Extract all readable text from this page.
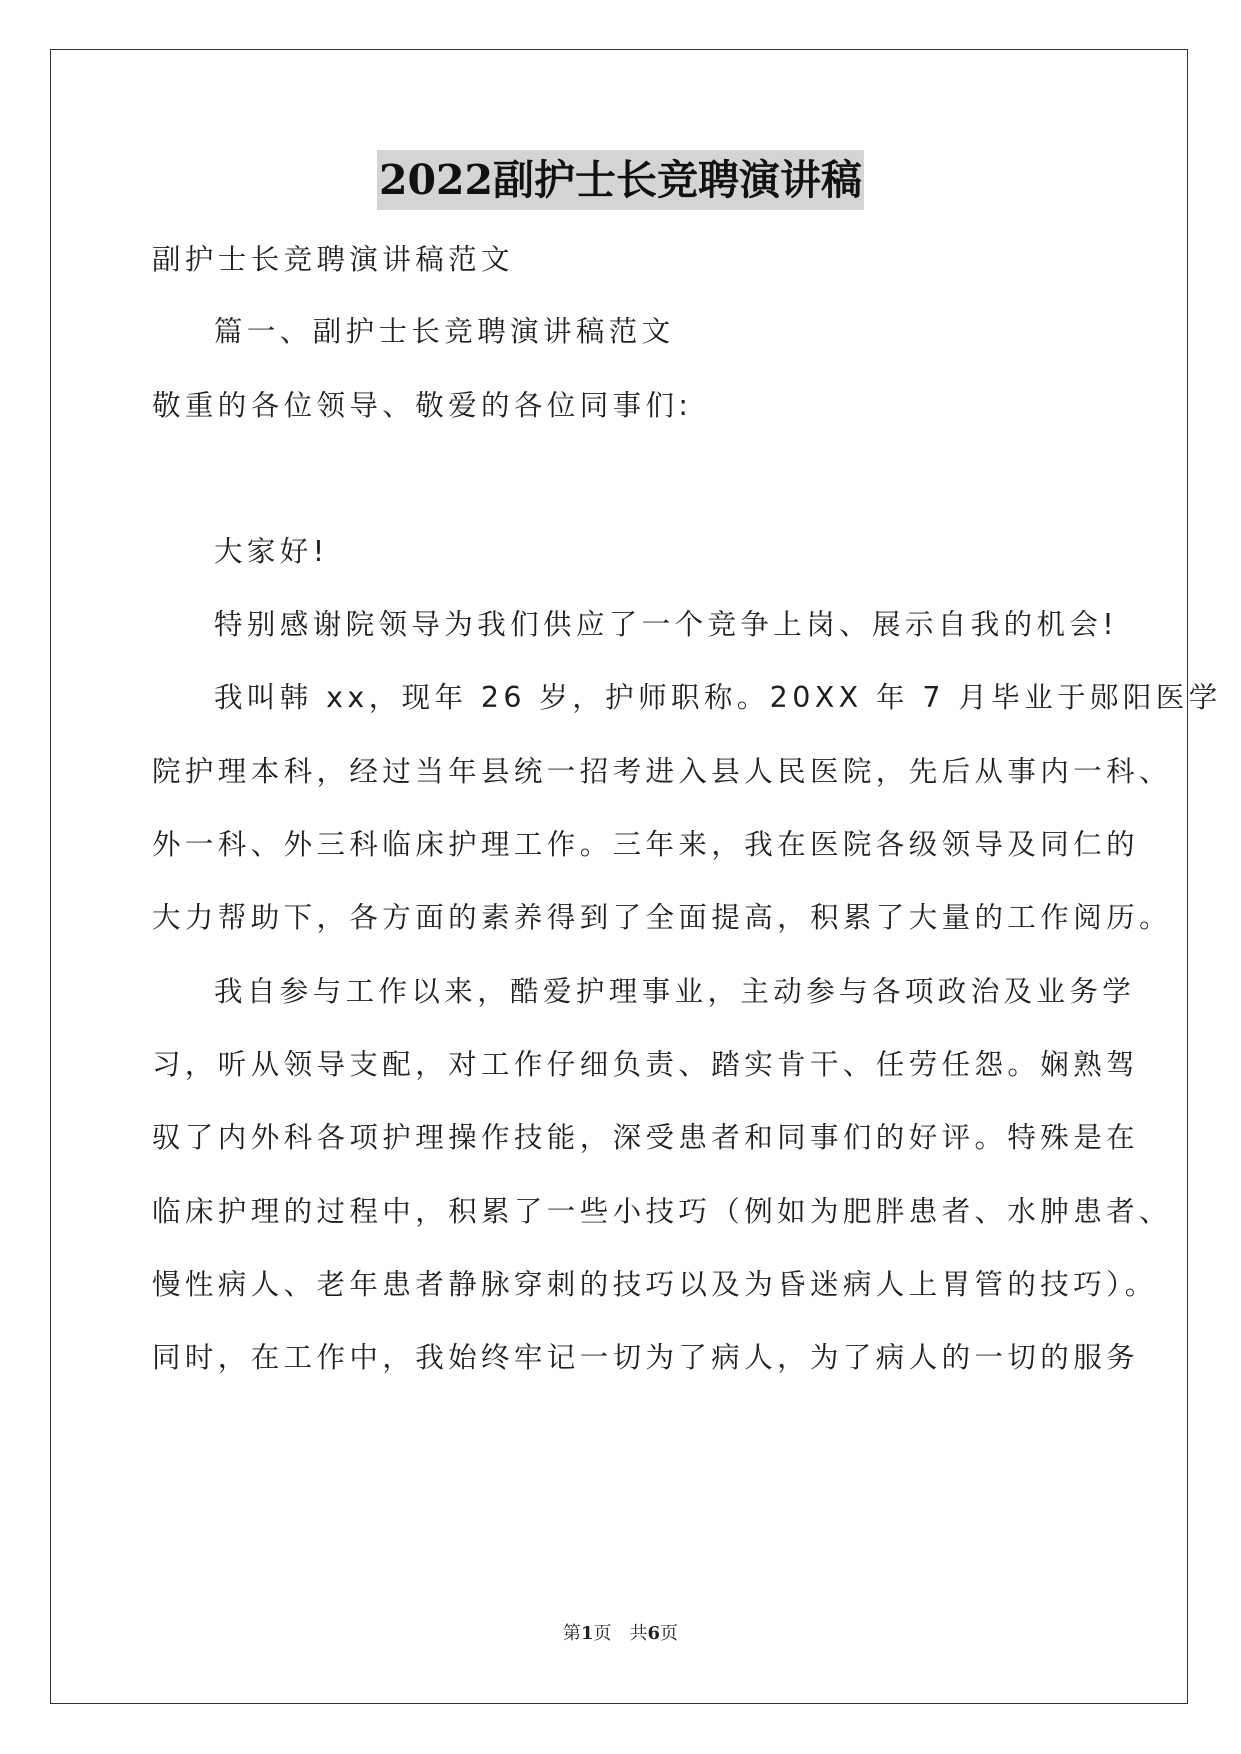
2022副护士长竞聘演讲稿
副护士长竞聘演讲稿范文
篇一、副护士长竞聘演讲稿范文
敬重的各位领导、敬爱的各位同事们:
大家好!
特别感谢院领导为我们供应了一个竞争上岗、展示自我的机会!
我叫韩 xx，现年 26 岁，护师职称。20XX 年 7 月毕业于郧阳医学
院护理本科，经过当年县统一招考进入县人民医院，先后从事内一科、
外一科、外三科临床护理工作。三年来，我在医院各级领导及同仁的
大力帮助下，各方面的素养得到了全面提高，积累了大量的工作阅历。
我自参与工作以来，酷爱护理事业，主动参与各项政治及业务学
习，听从领导支配，对工作仔细负责、踏实肯干、任劳任怨。娴熟驾
驭了内外科各项护理操作技能，深受患者和同事们的好评。特殊是在
临床护理的过程中，积累了一些小技巧（例如为肥胖患者、水肿患者、
慢性病人、老年患者静脉穿刺的技巧以及为昏迷病人上胃管的技巧）。
同时，在工作中，我始终牢记一切为了病人，为了病人的一切的服务
第1页　共6页
